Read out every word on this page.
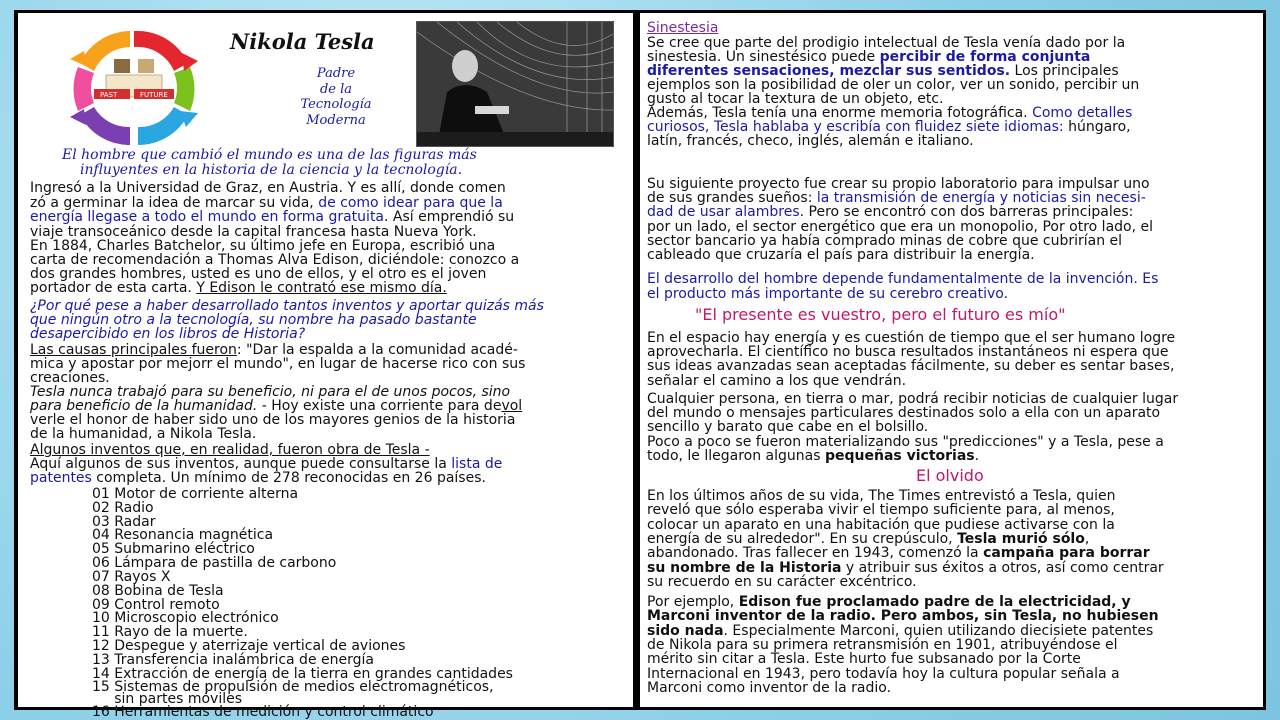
PAST	FUTURE
Nikola Tesla
Padre
de la
Tecnología
Moderna
El hombre que cambió el mundo es una de las figuras más
influyentes en la historia de la ciencia y la tecnología.
Ingresó a la Universidad de Graz, en Austria. Y es allí, donde comen
zó a germinar la idea de marcar su vida, de como idear para que la
energía llegase a todo el mundo en forma gratuita. Así emprendió su
viaje transoceánico desde la capital francesa hasta Nueva York.
En 1884, Charles Batchelor, su último jefe en Europa, escribió una
carta de recomendación a Thomas Alva Edison, diciéndole: conozco a
dos grandes hombres, usted es uno de ellos, y el otro es el joven
portador de esta carta. Y Edison le contrató ese mismo día.
¿Por qué pese a haber desarrollado tantos inventos y aportar quizás más
que ningún otro a la tecnología, su nombre ha pasado bastante
desapercibido en los libros de Historia?
Las causas principales fueron: "Dar la espalda a la comunidad acadé-
mica y apostar por mejorr el mundo", en lugar de hacerse rico con sus
creaciones.
Tesla nunca trabajó para su beneficio, ni para el de unos pocos, sino
para beneficio de la humanidad. - Hoy existe una corriente para devol
verle el honor de haber sido uno de los mayores genios de la historia
de la humanidad, a Nikola Tesla.
Algunos inventos que, en realidad, fueron obra de Tesla -
Aquí algunos de sus inventos, aunque puede consultarse la lista de
patentes completa. Un mínimo de 278 reconocidas en 26 países.
01 Motor de corriente alterna
02 Radio
03 Radar
04 Resonancia magnética
05 Submarino eléctrico
06 Lámpara de pastilla de carbono
07 Rayos X
08 Bobina de Tesla
09 Control remoto
10 Microscopio electrónico
11 Rayo de la muerte.
12 Despegue y aterrizaje vertical de aviones
13 Transferencia inalámbrica de energía
14 Extracción de energía de la tierra en grandes cantidades
15 Sistemas de propulsión de medios electromagnéticos,
sin partes móviles
16 Herramientas de medición y control climático
Sinestesia
Se cree que parte del prodigio intelectual de Tesla venía dado por la
sinestesia. Un sinestésico puede percibir de forma conjunta
diferentes sensaciones, mezclar sus sentidos. Los principales
ejemplos son la posibilidad de oler un color, ver un sonido, percibir un
gusto al tocar la textura de un objeto, etc.
Además, Tesla tenía una enorme memoria fotográfica. Como detalles
curiosos, Tesla hablaba y escribía con fluidez siete idiomas: húngaro,
latín, francés, checo, inglés, alemán e italiano.
Su siguiente proyecto fue crear su propio laboratorio para impulsar uno
de sus grandes sueños: la transmisión de energía y noticias sin necesi-
dad de usar alambres. Pero se encontró con dos barreras principales:
por un lado, el sector energético que era un monopolio, Por otro lado, el
sector bancario ya había comprado minas de cobre que cubrirían el
cableado que cruzaría el país para distribuir la energía.
El desarrollo del hombre depende fundamentalmente de la invención. Es
el producto más importante de su cerebro creativo.
"El presente es vuestro, pero el futuro es mío"
En el espacio hay energía y es cuestión de tiempo que el ser humano logre
aprovecharla. El científico no busca resultados instantáneos ni espera que
sus ideas avanzadas sean aceptadas fácilmente, su deber es sentar bases,
señalar el camino a los que vendrán.
Cualquier persona, en tierra o mar, podrá recibir noticias de cualquier lugar
del mundo o mensajes particulares destinados solo a ella con un aparato
sencillo y barato que cabe en el bolsillo.
Poco a poco se fueron materializando sus "predicciones" y a Tesla, pese a
todo, le llegaron algunas pequeñas victorias.
El olvido
En los últimos años de su vida, The Times entrevistó a Tesla, quien
reveló que sólo esperaba vivir el tiempo suficiente para, al menos,
colocar un aparato en una habitación que pudiese activarse con la
energía de su alrededor". En su crepúsculo, Tesla murió sólo,
abandonado. Tras fallecer en 1943, comenzó la campaña para borrar
su nombre de la Historia y atribuir sus éxitos a otros, así como centrar
su recuerdo en su carácter excéntrico.
Por ejemplo, Edison fue proclamado padre de la electricidad, y
Marconi inventor de la radio. Pero ambos, sin Tesla, no hubiesen
sido nada. Especialmente Marconi, quien utilizando diecisiete patentes
de Nikola para su primera retransmisión en 1901, atribuyéndose el
mérito sin citar a Tesla. Este hurto fue subsanado por la Corte
Internacional en 1943, pero todavía hoy la cultura popular señala a
Marconi como inventor de la radio.
